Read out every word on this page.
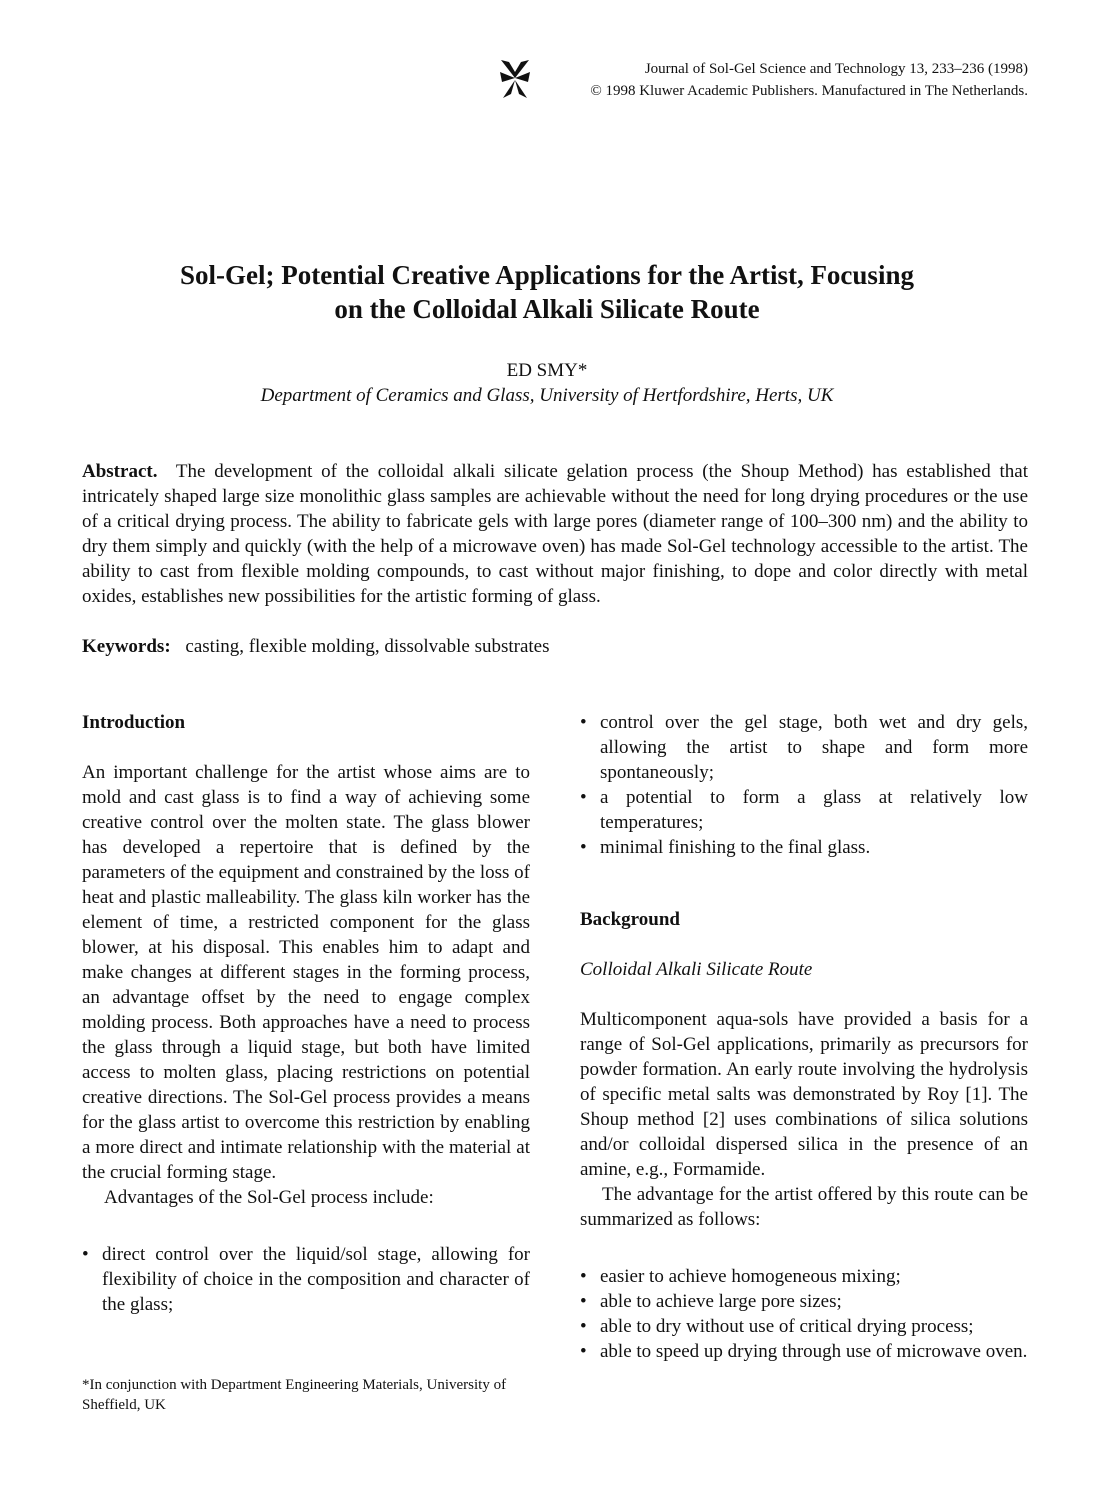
Journal of Sol-Gel Science and Technology 13, 233–236 (1998)
© 1998 Kluwer Academic Publishers. Manufactured in The Netherlands.
Sol-Gel; Potential Creative Applications for the Artist, Focusing
on the Colloidal Alkali Silicate Route
ED SMY*
Department of Ceramics and Glass, University of Hertfordshire, Herts, UK
Abstract. The development of the colloidal alkali silicate gelation process (the Shoup Method) has established that intricately shaped large size monolithic glass samples are achievable without the need for long drying procedures or the use of a critical drying process. The ability to fabricate gels with large pores (diameter range of 100–300 nm) and the ability to dry them simply and quickly (with the help of a microwave oven) has made Sol-Gel technology accessible to the artist. The ability to cast from flexible molding compounds, to cast without major finishing, to dope and color directly with metal oxides, establishes new possibilities for the artistic forming of glass.
Keywords: casting, flexible molding, dissolvable substrates
Introduction

An important challenge for the artist whose aims are to mold and cast glass is to find a way of achieving some creative control over the molten state. The glass blower has developed a repertoire that is defined by the parameters of the equipment and constrained by the loss of heat and plastic malleability. The glass kiln worker has the element of time, a restricted component for the glass blower, at his disposal. This enables him to adapt and make changes at different stages in the forming process, an advantage offset by the need to engage complex molding process. Both approaches have a need to process the glass through a liquid stage, but both have limited access to molten glass, placing restrictions on potential creative directions. The Sol-Gel process provides a means for the glass artist to overcome this restriction by enabling a more direct and intimate relationship with the material at the crucial forming stage.

Advantages of the Sol-Gel process include:

• direct control over the liquid/sol stage, allowing for flexibility of choice in the composition and character of the glass;
• control over the gel stage, both wet and dry gels, allowing the artist to shape and form more spontaneously;
• a potential to form a glass at relatively low temperatures;
• minimal finishing to the final glass.
Background
Colloidal Alkali Silicate Route

Multicomponent aqua-sols have provided a basis for a range of Sol-Gel applications, primarily as precursors for powder formation. An early route involving the hydrolysis of specific metal salts was demonstrated by Roy [1]. The Shoup method [2] uses combinations of silica solutions and/or colloidal dispersed silica in the presence of an amine, e.g., Formamide.

The advantage for the artist offered by this route can be summarized as follows:

• easier to achieve homogeneous mixing;
• able to achieve large pore sizes;
• able to dry without use of critical drying process;
• able to speed up drying through use of microwave oven.
*In conjunction with Department Engineering Materials, University of Sheffield, UK
